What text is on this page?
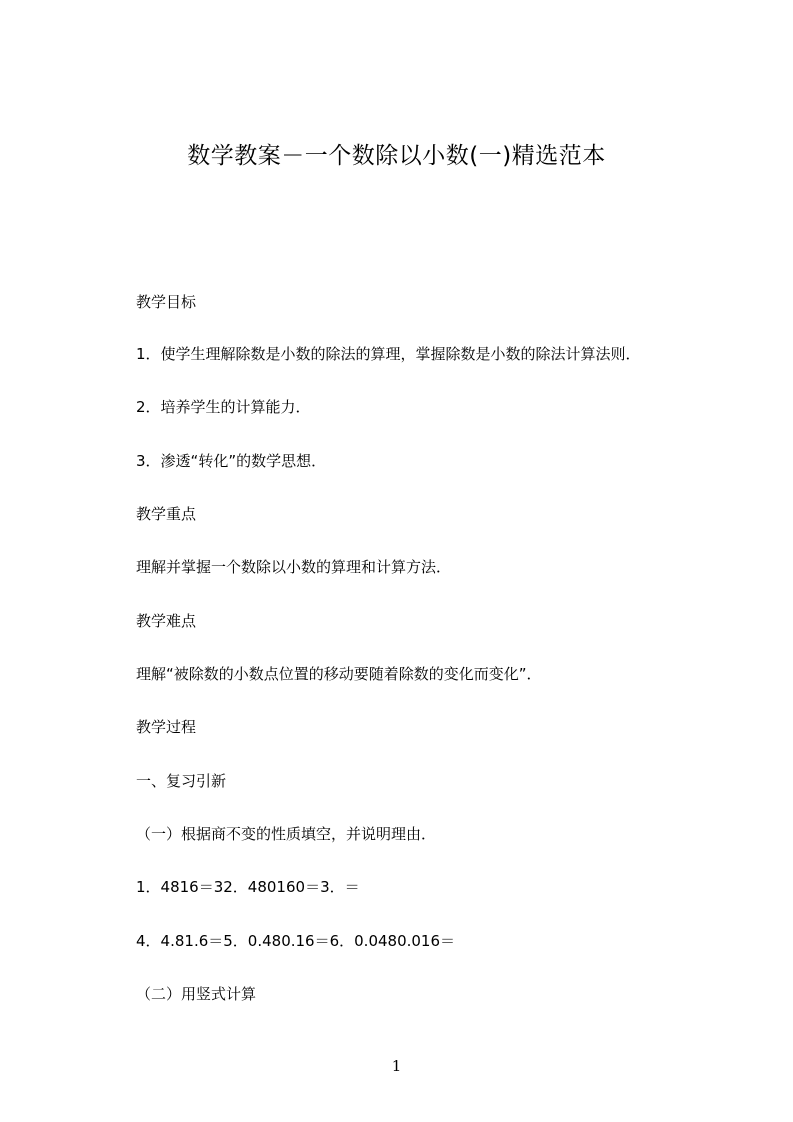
数学教案－一个数除以小数(一)精选范本
教学目标
1．使学生理解除数是小数的除法的算理，掌握除数是小数的除法计算法则．
2．培养学生的计算能力．
3．渗透“转化”的数学思想．
教学重点
理解并掌握一个数除以小数的算理和计算方法．
教学难点
理解“被除数的小数点位置的移动要随着除数的变化而变化”．
教学过程
一、复习引新
（一）根据商不变的性质填空，并说明理由．
1．4816＝32．480160＝3．＝
4．4.81.6＝5．0.480.16＝6．0.0480.016＝
（二）用竖式计算
1
